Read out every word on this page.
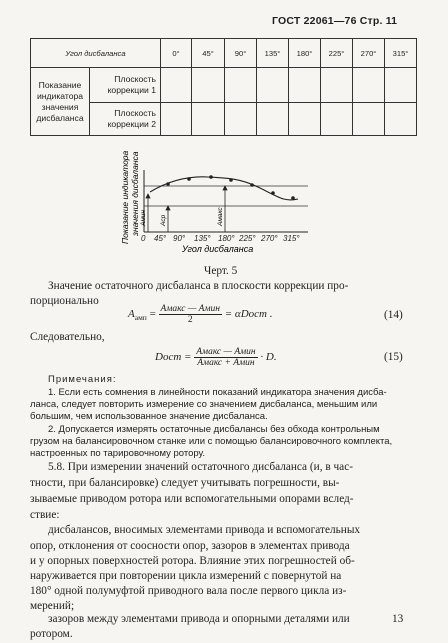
ГОСТ 22061—76 Стр. 11
Угол дисбаланса		0°	45°	90°	135°	180°	225°	270°	315°
Показание
индикатора
значения
дисбаланса	Плоскость
коррекции 1								
	Плоскость
коррекции 2								
Показание индикатора значения дисбаланса Aмин Aср	Aмакс
0 45° 90° 135° 180° 225° 270° 315°
Угол дисбаланса
Черт. 5
Значение остаточного дисбаланса в плоскости коррекции про-
порционально
$A_{амп} = \frac{\text{Aмакс — Aмин}}{2}$ = αDост .	(14)
Следовательно,
Dост = $\frac{\text{Aмакс — Aмин}}{\text{Aмакс + Aмин}} \cdot D$.	(15)
Примечания:
1. Если есть сомнения в линейности показаний индикатора значения дисба-
ланса, следует повторить измерение со значением дисбаланса, меньшим или
большим, чем использованное значение дисбаланса.
2. Допускается измерять остаточные дисбалансы без обхода контрольным
грузом на балансировочном станке или с помощью балансировочного комплекта,
настроенных по тарировочному ротору.
5.8. При измерении значений остаточного дисбаланса (и, в час-
тности, при балансировке) следует учитывать погрешности, вы-
зываемые приводом ротора или вспомогательными опорами вслед-
ствие:
дисбалансов, вносимых элементами привода и вспомогательных
опор, отклонения от соосности опор, зазоров в элементах привода
и у опорных поверхностей ротора. Влияние этих погрешностей об-
наруживается при повторении цикла измерений с повернутой на
180° одной полумуфтой приводного вала после первого цикла из-
мерений;
зазоров между элементами привода и опорными деталями или
ротором.
13
